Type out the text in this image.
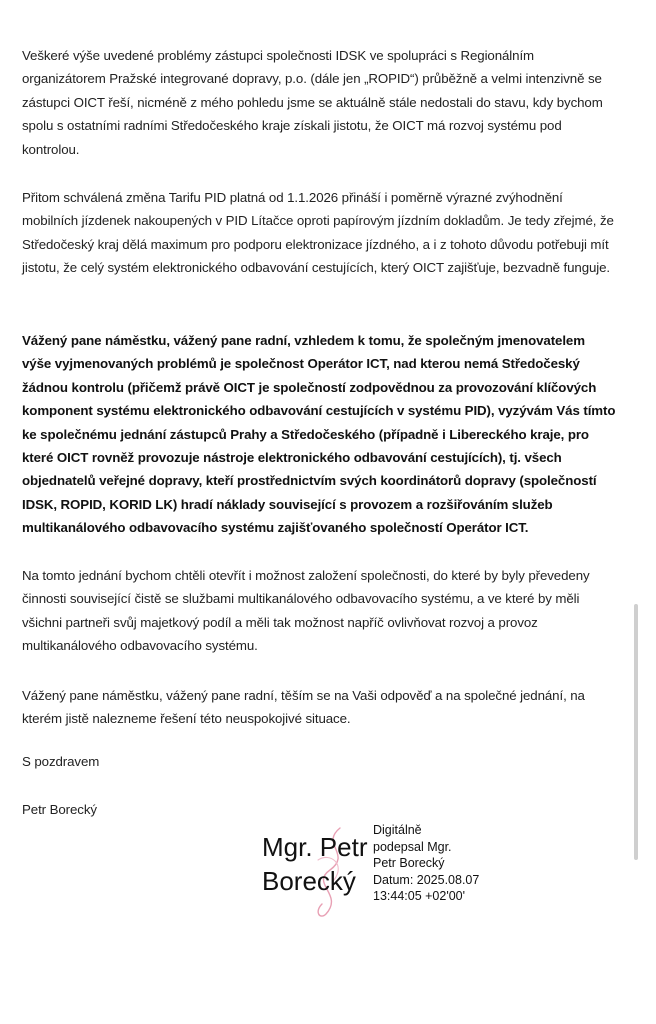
Veškeré výše uvedené problémy zástupci společnosti IDSK ve spolupráci s Regionálním organizátorem Pražské integrované dopravy, p.o. (dále jen „ROPID“) průběžně a velmi intenzivně se zástupci OICT řeší, nicméně z mého pohledu jsme se aktuálně stále nedostali do stavu, kdy bychom spolu s ostatními radními Středočeského kraje získali jistotu, že OICT má rozvoj systému pod kontrolou.

Přitom schválená změna Tarifu PID platná od 1.1.2026 přináší i poměrně výrazné zvýhodnění mobilních jízdenek nakoupených v PID Lítačce oproti papírovým jízdním dokladům. Je tedy zřejmé, že Středočeský kraj dělá maximum pro podporu elektronizace jízdného, a i z tohoto důvodu potřebuji mít jistotu, že celý systém elektronického odbavování cestujících, který OICT zajišťuje, bezvadně funguje.

Vážený pane náměstku, vážený pane radní, vzhledem k tomu, že společným jmenovatelem výše vyjmenovaných problémů je společnost Operátor ICT, nad kterou nemá Středočeský žádnou kontrolu (přičemž právě OICT je společností zodpovědnou za provozování klíčových komponent systému elektronického odbavování cestujících v systému PID), vyzývám Vás tímto ke společnému jednání zástupců Prahy a Středočeského (případně i Libereckého kraje, pro které OICT rovněž provozuje nástroje elektronického odbavování cestujících), tj. všech objednatelů veřejné dopravy, kteří prostřednictvím svých koordinátorů dopravy (společností IDSK, ROPID, KORID LK) hradí náklady související s provozem a rozšiřováním služeb multikanálového odbavovacího systému zajišťovaného společností Operátor ICT.

Na tomto jednání bychom chtěli otevřít i možnost založení společnosti, do které by byly převedeny činnosti související čistě se službami multikanálového odbavovacího systému, a ve které by měli všichni partneři svůj majetkový podíl a měli tak možnost napříč ovlivňovat rozvoj a provoz multikanálového odbavovacího systému.

Vážený pane náměstku, vážený pane radní, těším se na Vaši odpověď a na společné jednání, na kterém jistě nalezneme řešení této neuspokojivé situace.

S pozdravem

Petr Borecký

Mgr. Petr
Borecký
Digitálně
podepsal Mgr.
Petr Borecký
Datum: 2025.08.07
13:44:05 +02'00'
